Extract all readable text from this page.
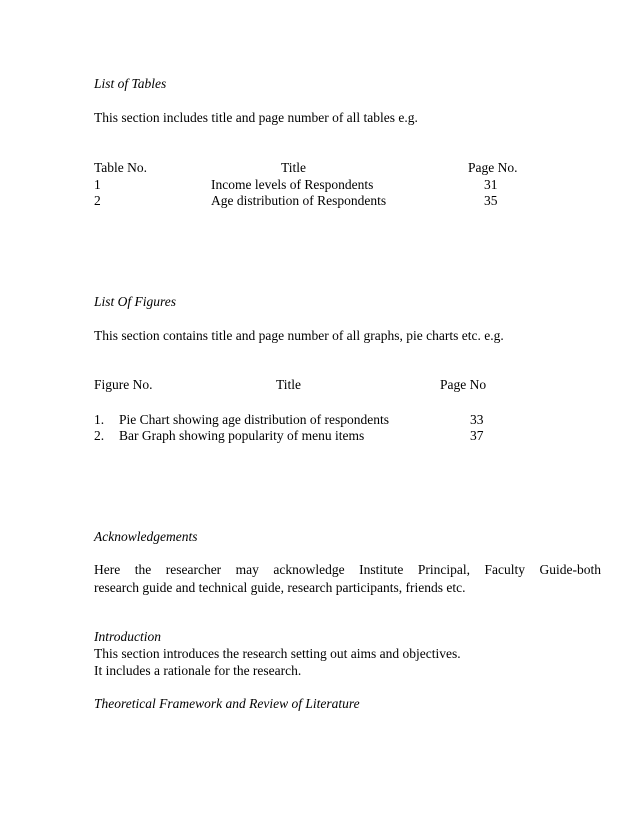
List of Tables
This section includes title and page number of all tables e.g.
Table No.	Title	Page No.
1	Income levels of Respondents	31
2	Age distribution of Respondents	35
List Of Figures
This section contains title and page number of all graphs, pie charts etc. e.g.
Figure No.	Title	Page No
1. Pie Chart showing age distribution of respondents	33
2. Bar Graph showing popularity of menu items	37
Acknowledgements
Here the researcher may acknowledge Institute Principal, Faculty Guide-both
research guide and technical guide, research participants, friends etc.
Introduction
This section introduces the research setting out aims and objectives.
It includes a rationale for the research.
Theoretical Framework and Review of Literature
